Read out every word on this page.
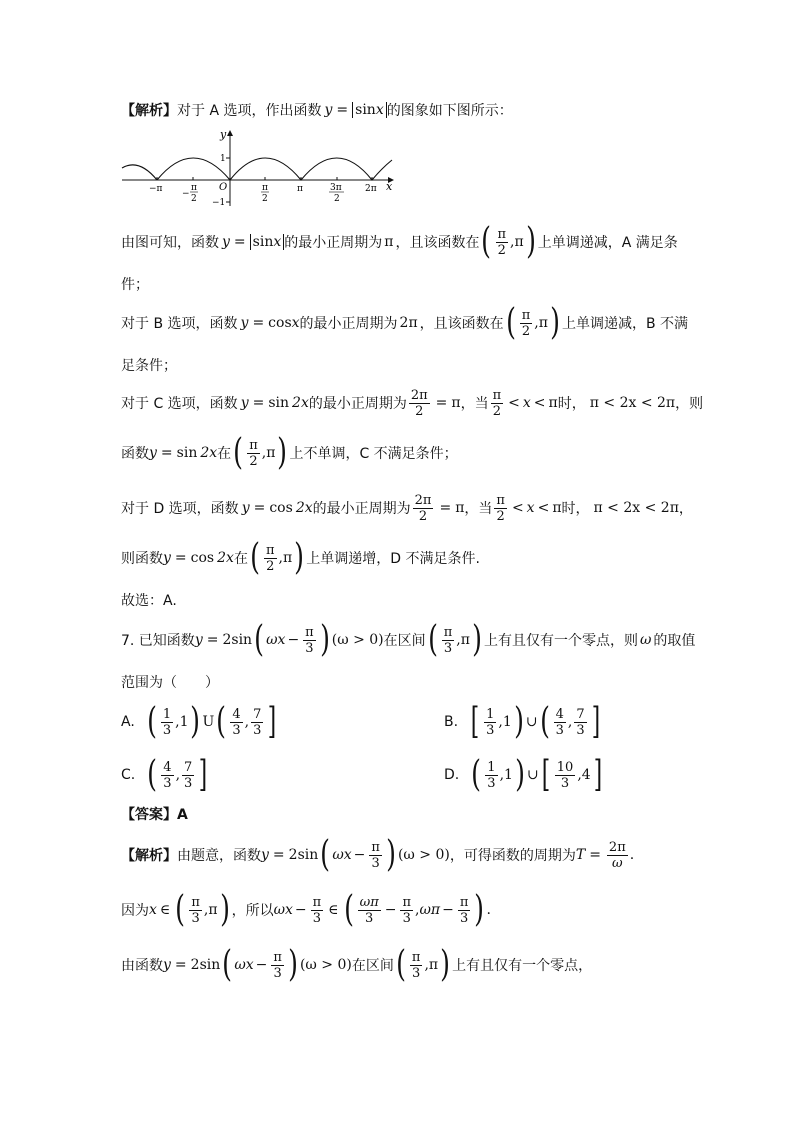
【解析】 对于 A 选项，作出函数 y = sinx 的图象如下图所示：
y
x
O
1
−1
−π −
π
2
π
2
π	3π
2
2π
由图可知，函数 y = sinx 的最小正周期为 π ，且该函数在 ( $\frac{\pi}{2}$ , π ) 上单调递减，A 满足条
件；
对于 B 选项，函数 y = cos x 的最小正周期为 2π ，且该函数在 ( $\frac{\pi}{2}$ , π ) 上单调递减，B 不满
足条件；
对于 C 选项，函数 y = sin 2x 的最小正周期为 $\frac{2\pi}{2} = \pi$ ，当 $\frac{\pi}{2} < x < \pi$ 时， π < 2x < 2π ，则
函数 y = sin 2x 在 ( $\frac{\pi}{2}$ , π ) 上不单调，C 不满足条件；
对于 D 选项，函数 y = cos 2x 的最小正周期为 $\frac{2\pi}{2} = \pi$ ，当 $\frac{\pi}{2} < x < \pi$ 时， π < 2x < 2π ，
则函数 y = cos 2x 在 ( $\frac{\pi}{2}$ , π ) 上单调递增，D 不满足条件.
故选：A.
7. 已知函数 y = 2sin ( $\omega x - \frac{\pi}{3}$ ) (ω > 0) 在区间 ( $\frac{\pi}{3}$ , π ) 上有且仅有一个零点，则 ω 的取值
范围为（　　）
A. ( $\frac{1}{3}$ , 1 ) U ( $\frac{4}{3}$ , $\frac{7}{3}$ ]	B. [ $\frac{1}{3}$ , 1 ) ∪ ( $\frac{4}{3}$ , $\frac{7}{3}$ ]
C. ( $\frac{4}{3}$ , $\frac{7}{3}$ ]	D. ( $\frac{1}{3}$ , 1 ) ∪ [ $\frac{10}{3}$ , 4 ]
【答案】A
【解析】 由题意，函数 y = 2sin ( $\omega x - \frac{\pi}{3}$ ) (ω > 0) ，可得函数的周期为 $T = \frac{2\pi}{\omega}$ .
因为 x ∈ ( $\frac{\pi}{3}$ , π ) ，所以 $\omega x - \frac{\pi}{3}$ ∈ ( $\frac{\omega\pi}{3} - \frac{\pi}{3}$ , $\omega\pi - \frac{\pi}{3}$ ) .
由函数 y = 2sin ( $\omega x - \frac{\pi}{3}$ ) (ω > 0) 在区间 ( $\frac{\pi}{3}$ , π ) 上有且仅有一个零点，
